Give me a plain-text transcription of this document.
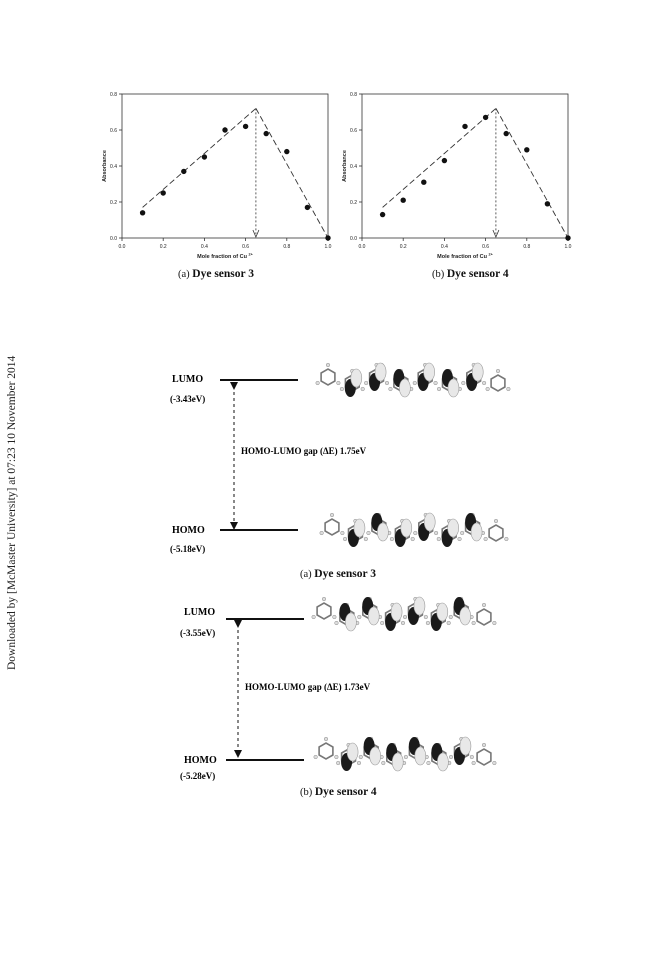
Downloaded by [McMaster University] at 07:23 10 November 2014
0.0	0.2	0.4	0.6	0.8	1.0
0.0
0.2
0.4
0.6
0.8
Mole fraction of Cu $^{2+}$
Absorbance
(a) Dye sensor 3
0.0	0.2	0.4	0.6	0.8	1.0
0.0
0.2
0.4
0.6
0.8
Mole fraction of Cu $^{2+}$
Absorbance
(b) Dye sensor 4
LUMO
(-3.43eV)
HOMO-LUMO gap (ΔE) 1.75eV
HOMO
(-5.18eV)
(a) Dye sensor 3
LUMO
(-3.55eV)
HOMO-LUMO gap (ΔE) 1.73eV
HOMO
(-5.28eV)
(b) Dye sensor 4
